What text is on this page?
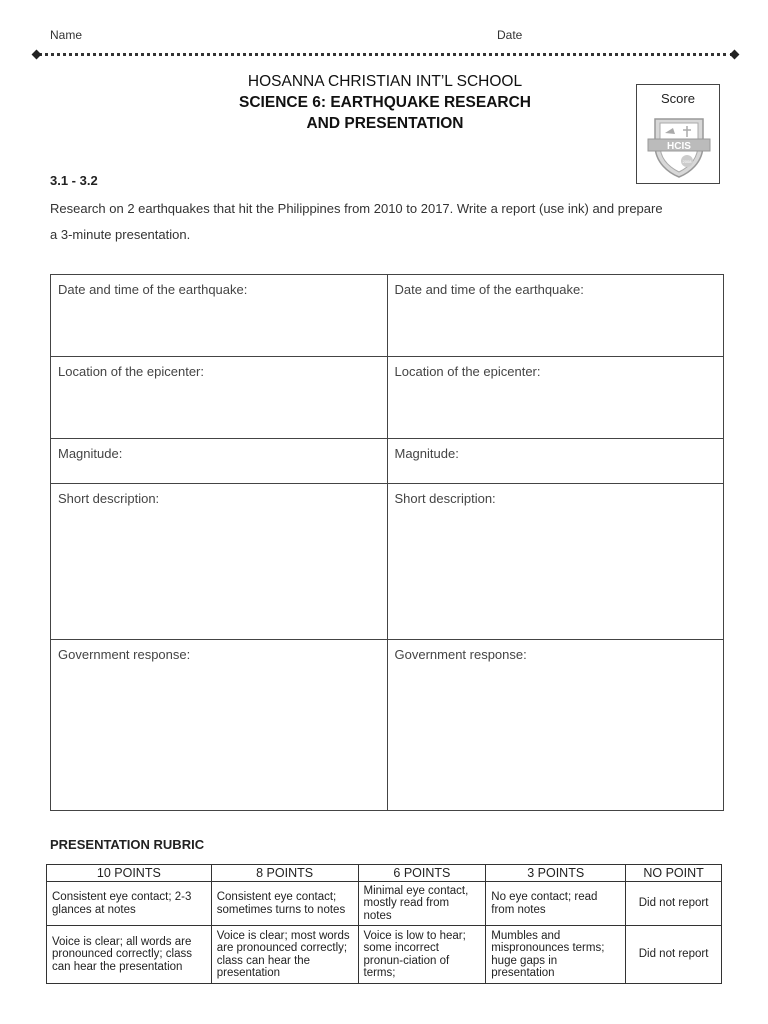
Name	Date
HOSANNA CHRISTIAN INT’L SCHOOL
SCIENCE 6: EARTHQUAKE RESEARCH
AND PRESENTATION
Score
HCIS
2008
3.1 - 3.2
Research on 2 earthquakes that hit the Philippines from 2010 to 2017. Write a report (use ink) and prepare a 3-minute presentation.
Date and time of the earthquake:	Date and time of the earthquake:
Location of the epicenter:	Location of the epicenter:
Magnitude:	Magnitude:
Short description:	Short description:
Government response:	Government response:
PRESENTATION RUBRIC
10 POINTS	8 POINTS	6 POINTS	3 POINTS	NO POINT
Consistent eye contact; 2-3 glances at notes	Consistent eye contact; sometimes turns to notes	Minimal eye contact, mostly read from notes	No eye contact; read from notes	Did not report
Voice is clear; all words are pronounced correctly; class can hear the presentation	Voice is clear; most words are pronounced correctly; class can hear the presentation	Voice is low to hear; some incorrect pronun-ciation of terms;	Mumbles and mispronounces terms; huge gaps in presentation	Did not report
